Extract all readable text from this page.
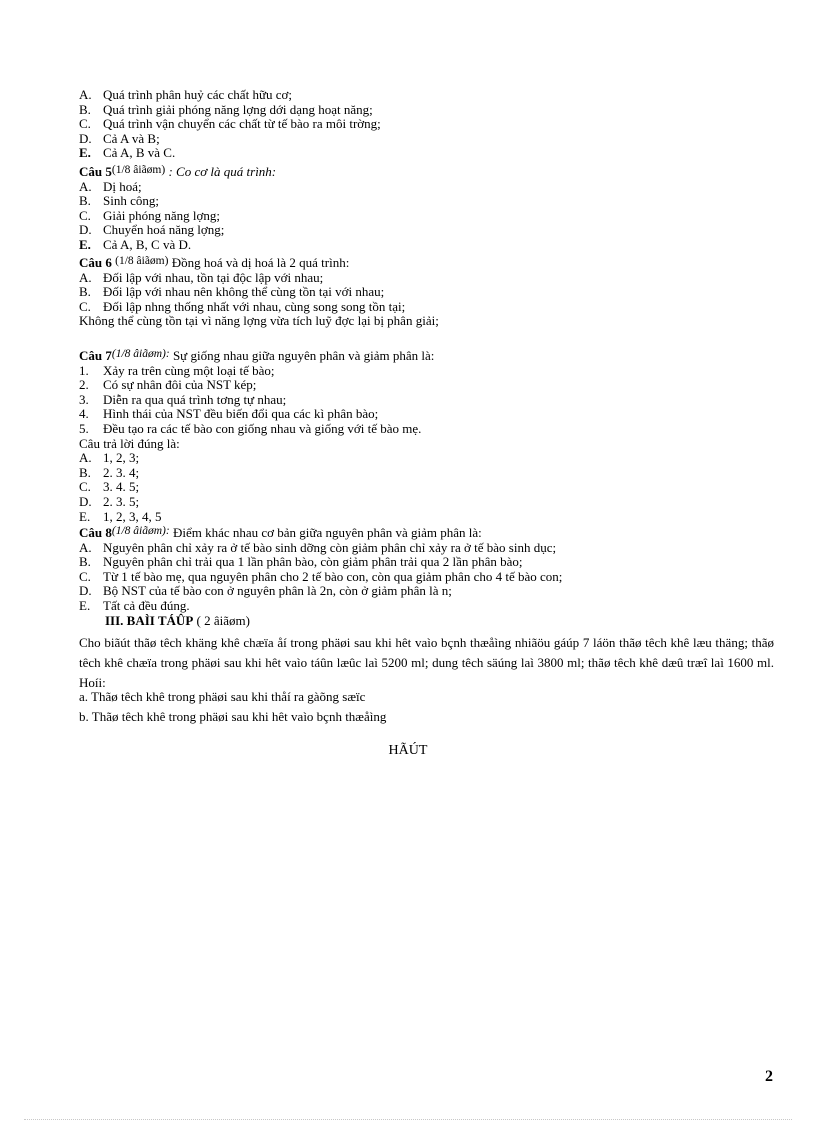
A. Quá trình phân huỷ các chất hữu cơ;
B. Quá trình giải phóng năng lợng dới dạng hoạt năng;
C. Quá trình vận chuyển các chất từ tế bào ra môi trờng;
D. Cả A và B;
E. Cả A, B và C.
Câu 5(1/8 âiãøm) : Co cơ là quá trình:
A. Dị hoá;
B. Sinh công;
C. Giải phóng năng lợng;
D. Chuyển hoá năng lợng;
E. Cả A, B, C và D.
Câu 6 (1/8 âiãøm) Đồng hoá và dị hoá là 2 quá trình:
A. Đối lập với nhau, tồn tại độc lập với nhau;
B. Đối lập với nhau nên không thể cùng tồn tại với nhau;
C. Đối lập nhng thống nhất với nhau, cùng song song tồn tại;
Không thể cùng tồn tại vì năng lợng vừa tích luỹ đợc lại bị phân giải;
Câu 7(1/8 âiãøm): Sự giống nhau giữa nguyên phân và giảm phân là:
1. Xảy ra trên cùng một loại tế bào;
2. Có sự nhân đôi của NST kép;
3. Diễn ra qua quá trình tơng tự nhau;
4. Hình thái của NST đều biến đổi qua các kì phân bào;
5. Đều tạo ra các tế bào con giống nhau và giống với tế bào mẹ.
Câu trả lời đúng là:
A. 1, 2, 3;
B. 2. 3. 4;
C. 3. 4. 5;
D. 2. 3. 5;
E. 1, 2, 3, 4, 5
Câu 8(1/8 âiãøm): Điểm khác nhau cơ bản giữa nguyên phân và giảm phân là:
A. Nguyên phân chỉ xảy ra ở tế bào sinh dỡng còn giảm phân chỉ xảy ra ở tế bào sinh dục;
B. Nguyên phân chỉ trải qua 1 lần phân bào, còn giảm phân trải qua 2 lần phân bào;
C. Từ 1 tế bào mẹ, qua nguyên phân cho 2 tế bào con, còn qua giảm phân cho 4 tế bào con;
D. Bộ NST của tế bào con ở nguyên phân là 2n, còn ở giảm phân là n;
E. Tất cả đều đúng.
III. BAÌI TÁÛP ( 2 âiãøm)
Cho biãút thãø têch khäng khê chæïa åí trong phäøi sau khi hêt vaìo bçnh thæåìng nhiãöu gáúp 7 láön thãø têch khê læu thäng; thãø têch khê chæïa trong phäøi sau khi hêt vaìo táûn læûc laì 5200 ml; dung têch säúng laì 3800 ml; thãø têch khê dæû træî laì 1600 ml. Hoíi:
a. Thãø têch khê trong phäøi sau khi thåí ra gàõng sæïc
b. Thãø têch khê trong phäøi sau khi hêt vaìo bçnh thæåìng
HÃÚT
2
